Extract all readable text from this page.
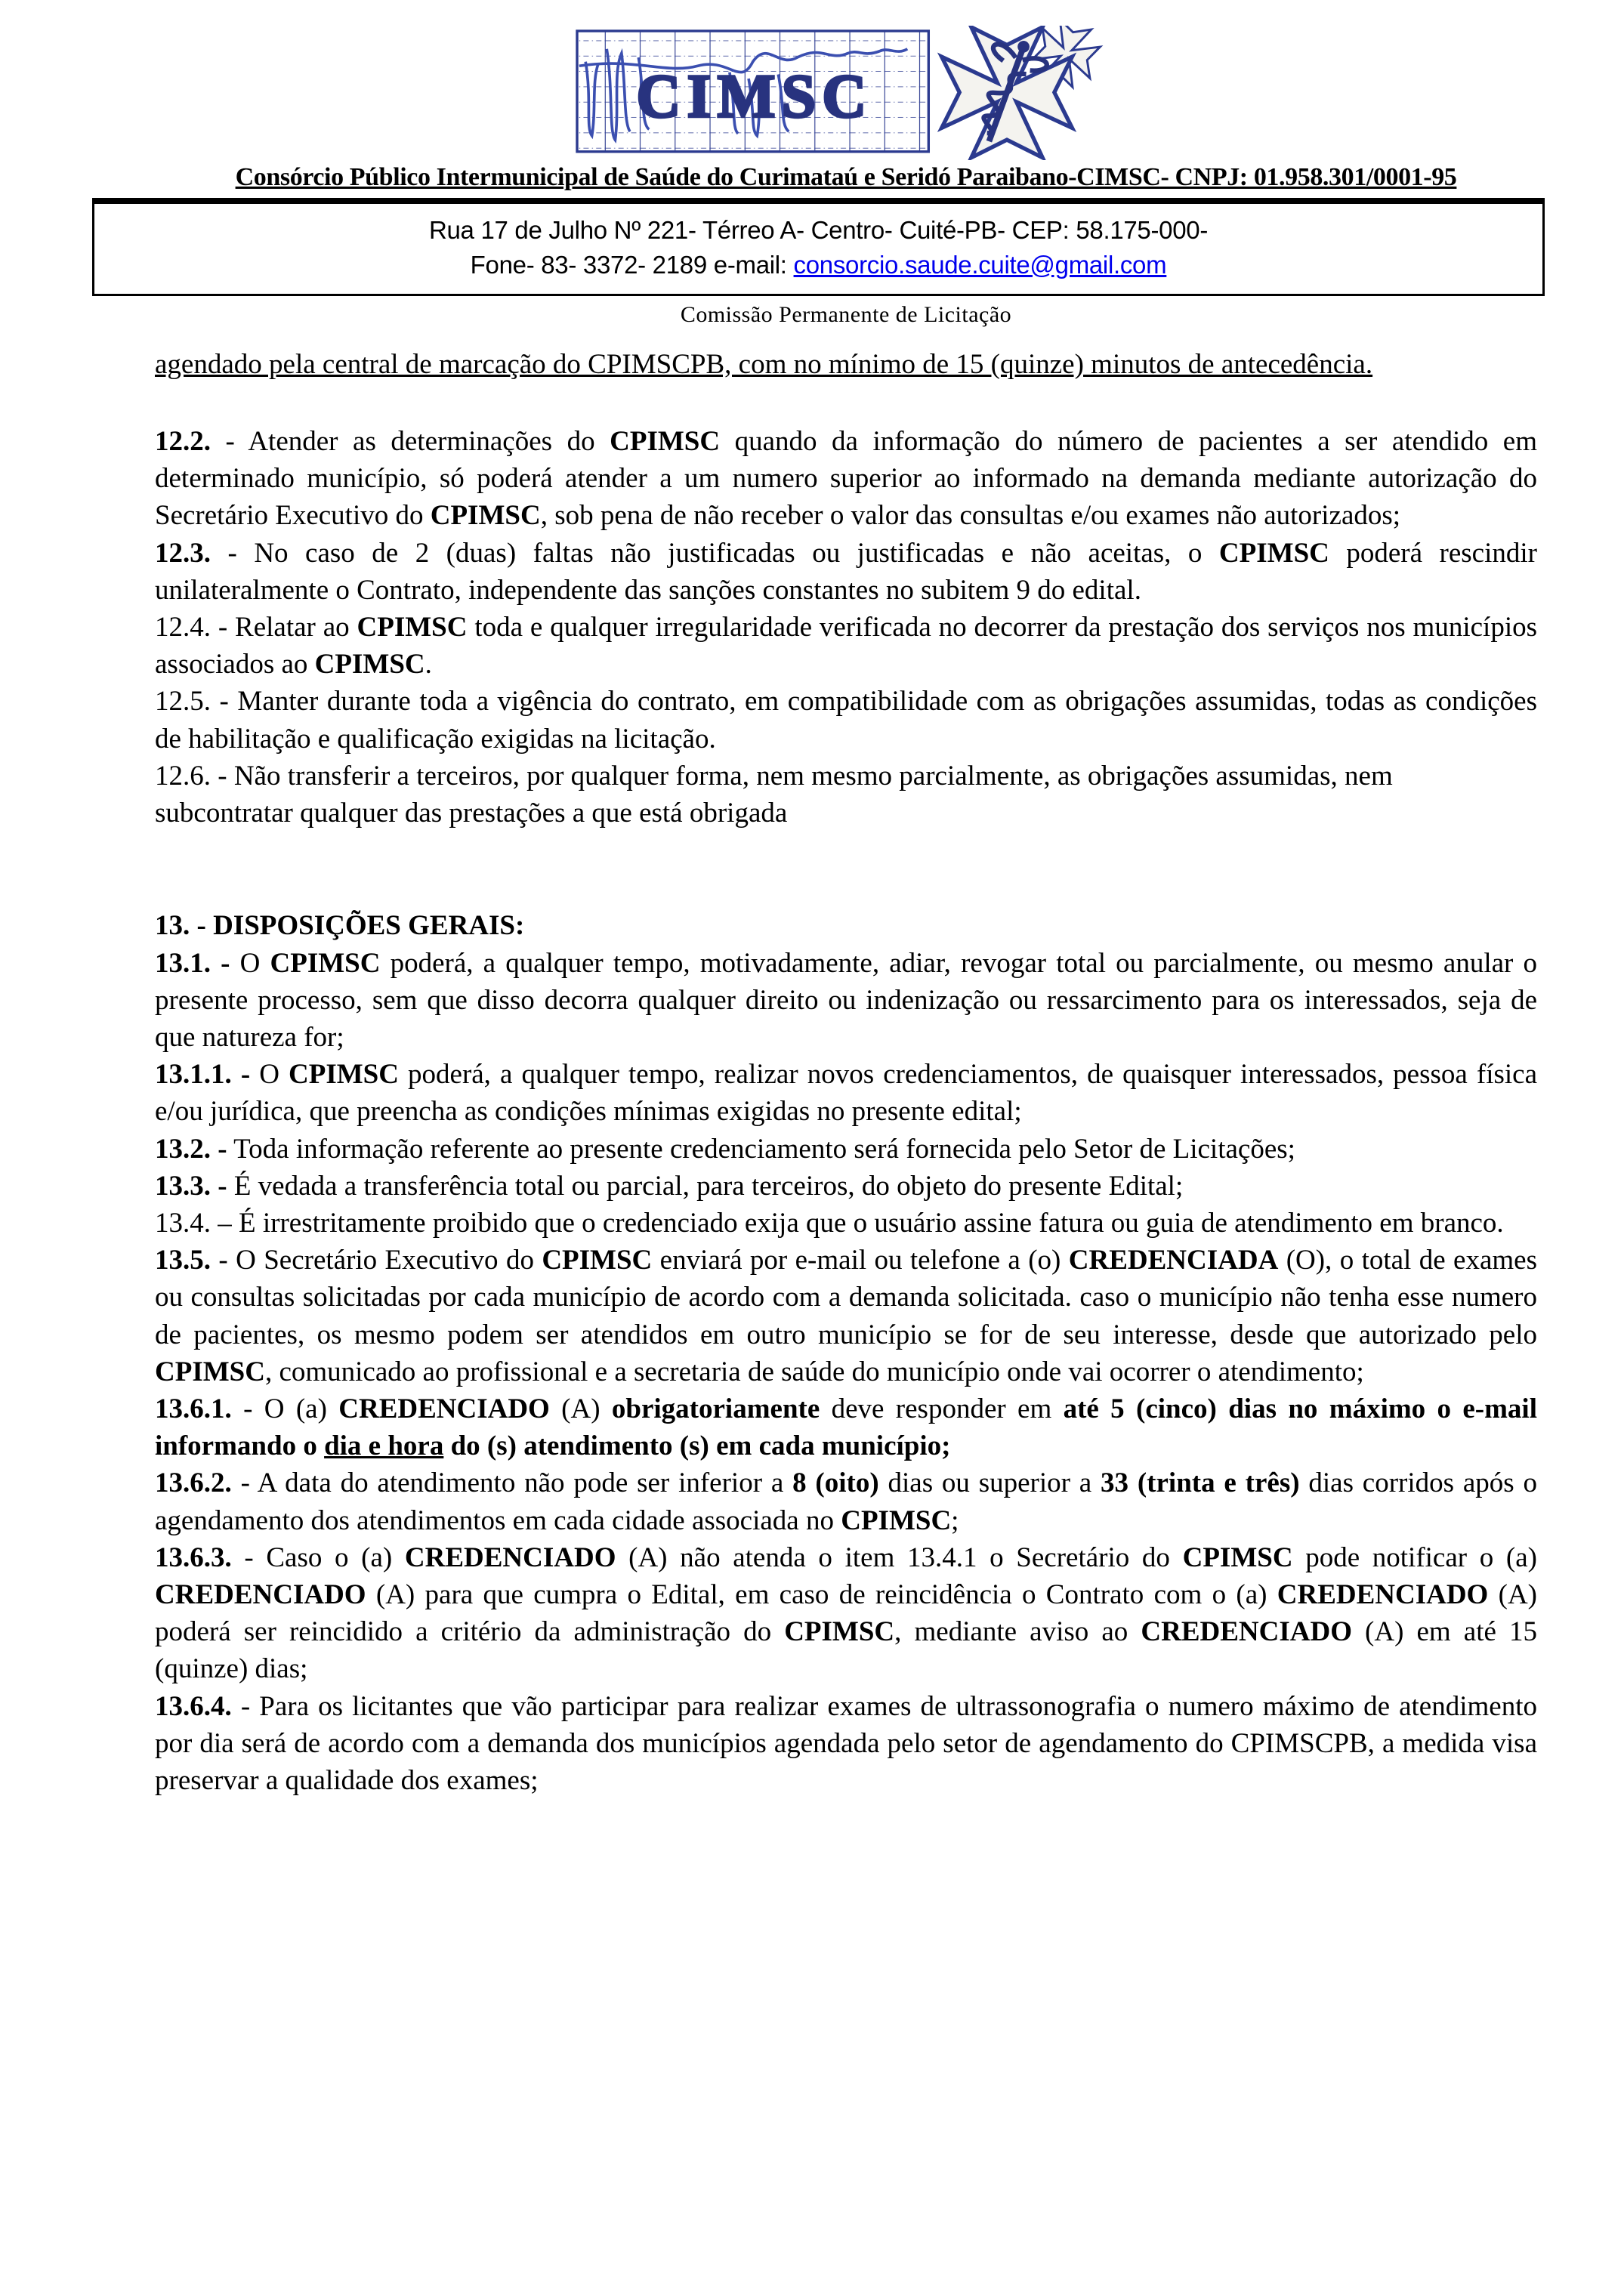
CIMSC
Consórcio Público Intermunicipal de Saúde do Curimataú e Seridó Paraibano-CIMSC- CNPJ: 01.958.301/0001-95
Rua 17 de Julho Nº 221- Térreo A- Centro- Cuité-PB- CEP: 58.175-000-
Fone- 83- 3372- 2189 e-mail: consorcio.saude.cuite@gmail.com
Comissão Permanente de Licitação

agendado pela central de marcação do CPIMSCPB, com no mínimo de 15 (quinze) minutos de antecedência.

12.2. - Atender as determinações do CPIMSC quando da informação do número de pacientes a ser atendido em determinado município, só poderá atender a um numero superior ao informado na demanda mediante autorização do Secretário Executivo do CPIMSC, sob pena de não receber o valor das consultas e/ou exames não autorizados;

12.3. - No caso de 2 (duas) faltas não justificadas ou justificadas e não aceitas, o CPIMSC poderá rescindir unilateralmente o Contrato, independente das sanções constantes no subitem 9 do edital.

12.4. - Relatar ao CPIMSC toda e qualquer irregularidade verificada no decorrer da prestação dos serviços nos municípios associados ao CPIMSC.

12.5. - Manter durante toda a vigência do contrato, em compatibilidade com as obrigações assumidas, todas as condições de habilitação e qualificação exigidas na licitação.

12.6. - Não transferir a terceiros, por qualquer forma, nem mesmo parcialmente, as obrigações assumidas, nem subcontratar qualquer das prestações a que está obrigada

13. - DISPOSIÇÕES GERAIS:

13.1. - O CPIMSC poderá, a qualquer tempo, motivadamente, adiar, revogar total ou parcialmente, ou mesmo anular o presente processo, sem que disso decorra qualquer direito ou indenização ou ressarcimento para os interessados, seja de que natureza for;

13.1.1. - O CPIMSC poderá, a qualquer tempo, realizar novos credenciamentos, de quaisquer interessados, pessoa física e/ou jurídica, que preencha as condições mínimas exigidas no presente edital;

13.2. - Toda informação referente ao presente credenciamento será fornecida pelo Setor de Licitações;

13.3. - É vedada a transferência total ou parcial, para terceiros, do objeto do presente Edital;

13.4. – É irrestritamente proibido que o credenciado exija que o usuário assine fatura ou guia de atendimento em branco.

13.5. - O Secretário Executivo do CPIMSC enviará por e-mail ou telefone a (o) CREDENCIADA (O), o total de exames ou consultas solicitadas por cada município de acordo com a demanda solicitada. caso o município não tenha esse numero de pacientes, os mesmo podem ser atendidos em outro município se for de seu interesse, desde que autorizado pelo CPIMSC, comunicado ao profissional e a secretaria de saúde do município onde vai ocorrer o atendimento;

13.6.1. - O (a) CREDENCIADO (A) obrigatoriamente deve responder em até 5 (cinco) dias no máximo o e-mail informando o dia e hora do (s) atendimento (s) em cada município;

13.6.2. - A data do atendimento não pode ser inferior a 8 (oito) dias ou superior a 33 (trinta e três) dias corridos após o agendamento dos atendimentos em cada cidade associada no CPIMSC;

13.6.3. - Caso o (a) CREDENCIADO (A) não atenda o item 13.4.1 o Secretário do CPIMSC pode notificar o (a) CREDENCIADO (A) para que cumpra o Edital, em caso de reincidência o Contrato com o (a) CREDENCIADO (A) poderá ser reincidido a critério da administração do CPIMSC, mediante aviso ao CREDENCIADO (A) em até 15 (quinze) dias;

13.6.4. - Para os licitantes que vão participar para realizar exames de ultrassonografia o numero máximo de atendimento por dia será de acordo com a demanda dos municípios agendada pelo setor de agendamento do CPIMSCPB, a medida visa preservar a qualidade dos exames;
